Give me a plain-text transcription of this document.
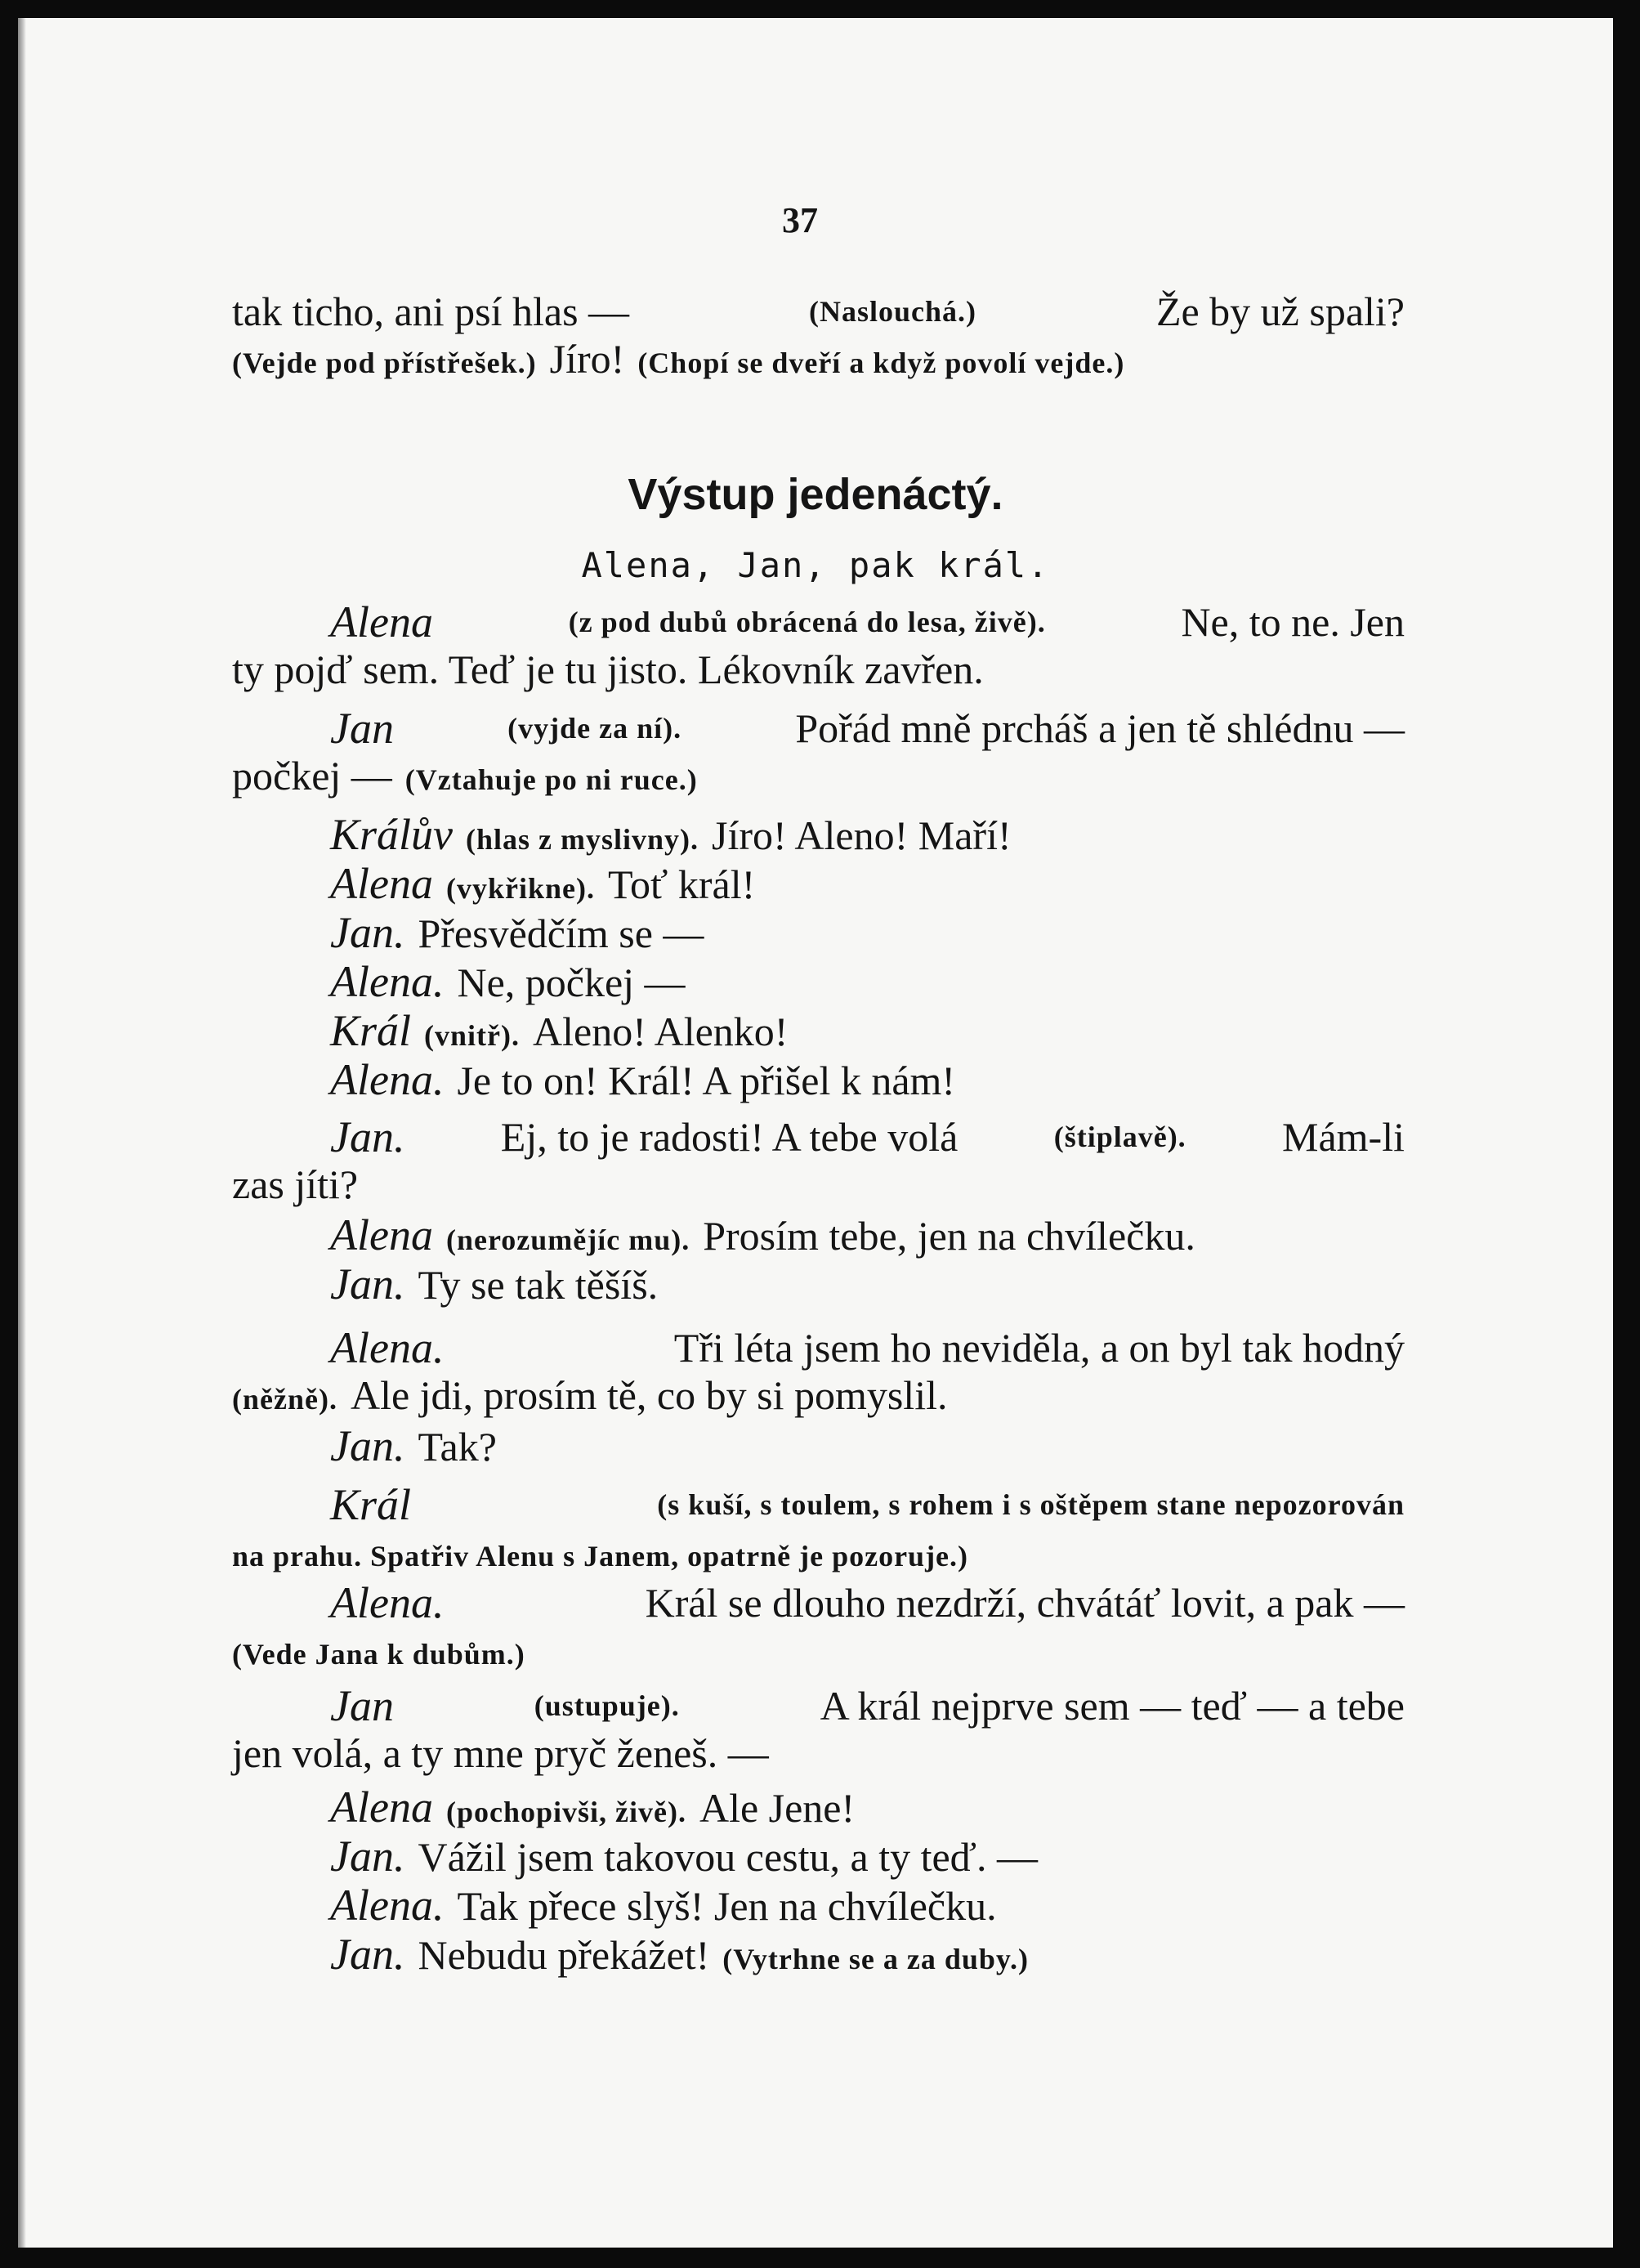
37
tak ticho, ani psí hlas —	(Naslouchá.)	Že by už spali?
(Vejde pod přístřešek.) Jíro! (Chopí se dveří a když povolí vejde.)
Výstup jedenáctý.
Alena, Jan, pak král.
Alena	(z pod dubů obrácená do lesa, živě).	Ne, to ne. Jen
ty pojď sem. Teď je tu jisto. Lékovník zavřen.
Jan	(vyjde za ní).	Pořád mně prcháš a jen tě shlédnu —
počkej — (Vztahuje po ni ruce.)
Králův (hlas z myslivny). Jíro! Aleno! Maří!
Alena (vykřikne). Toť král!
Jan. Přesvědčím se —
Alena. Ne, počkej —
Král (vnitř). Aleno! Alenko!
Alena. Je to on! Král! A přišel k nám!
Jan. Ej, to je radosti! A tebe volá	(štiplavě). Mám-li
zas jíti?
Alena (nerozumějíc mu). Prosím tebe, jen na chvílečku.
Jan. Ty se tak těšíš.
Alena.	Tři léta jsem ho neviděla, a on byl tak hodný
(něžně). Ale jdi, prosím tě, co by si pomyslil.
Jan. Tak?
Král	(s kuší, s toulem, s rohem i s oštěpem stane nepozorován
na prahu. Spatřiv Alenu s Janem, opatrně je pozoruje.)
Alena.	Král se dlouho nezdrží, chvátáť lovit, a pak —
(Vede Jana k dubům.)
Jan	(ustupuje).	A král nejprve sem — teď — a tebe
jen volá, a ty mne pryč ženeš. —
Alena (pochopivši, živě). Ale Jene!
Jan. Vážil jsem takovou cestu, a ty teď. —
Alena. Tak přece slyš! Jen na chvílečku.
Jan. Nebudu překážet! (Vytrhne se a za duby.)
